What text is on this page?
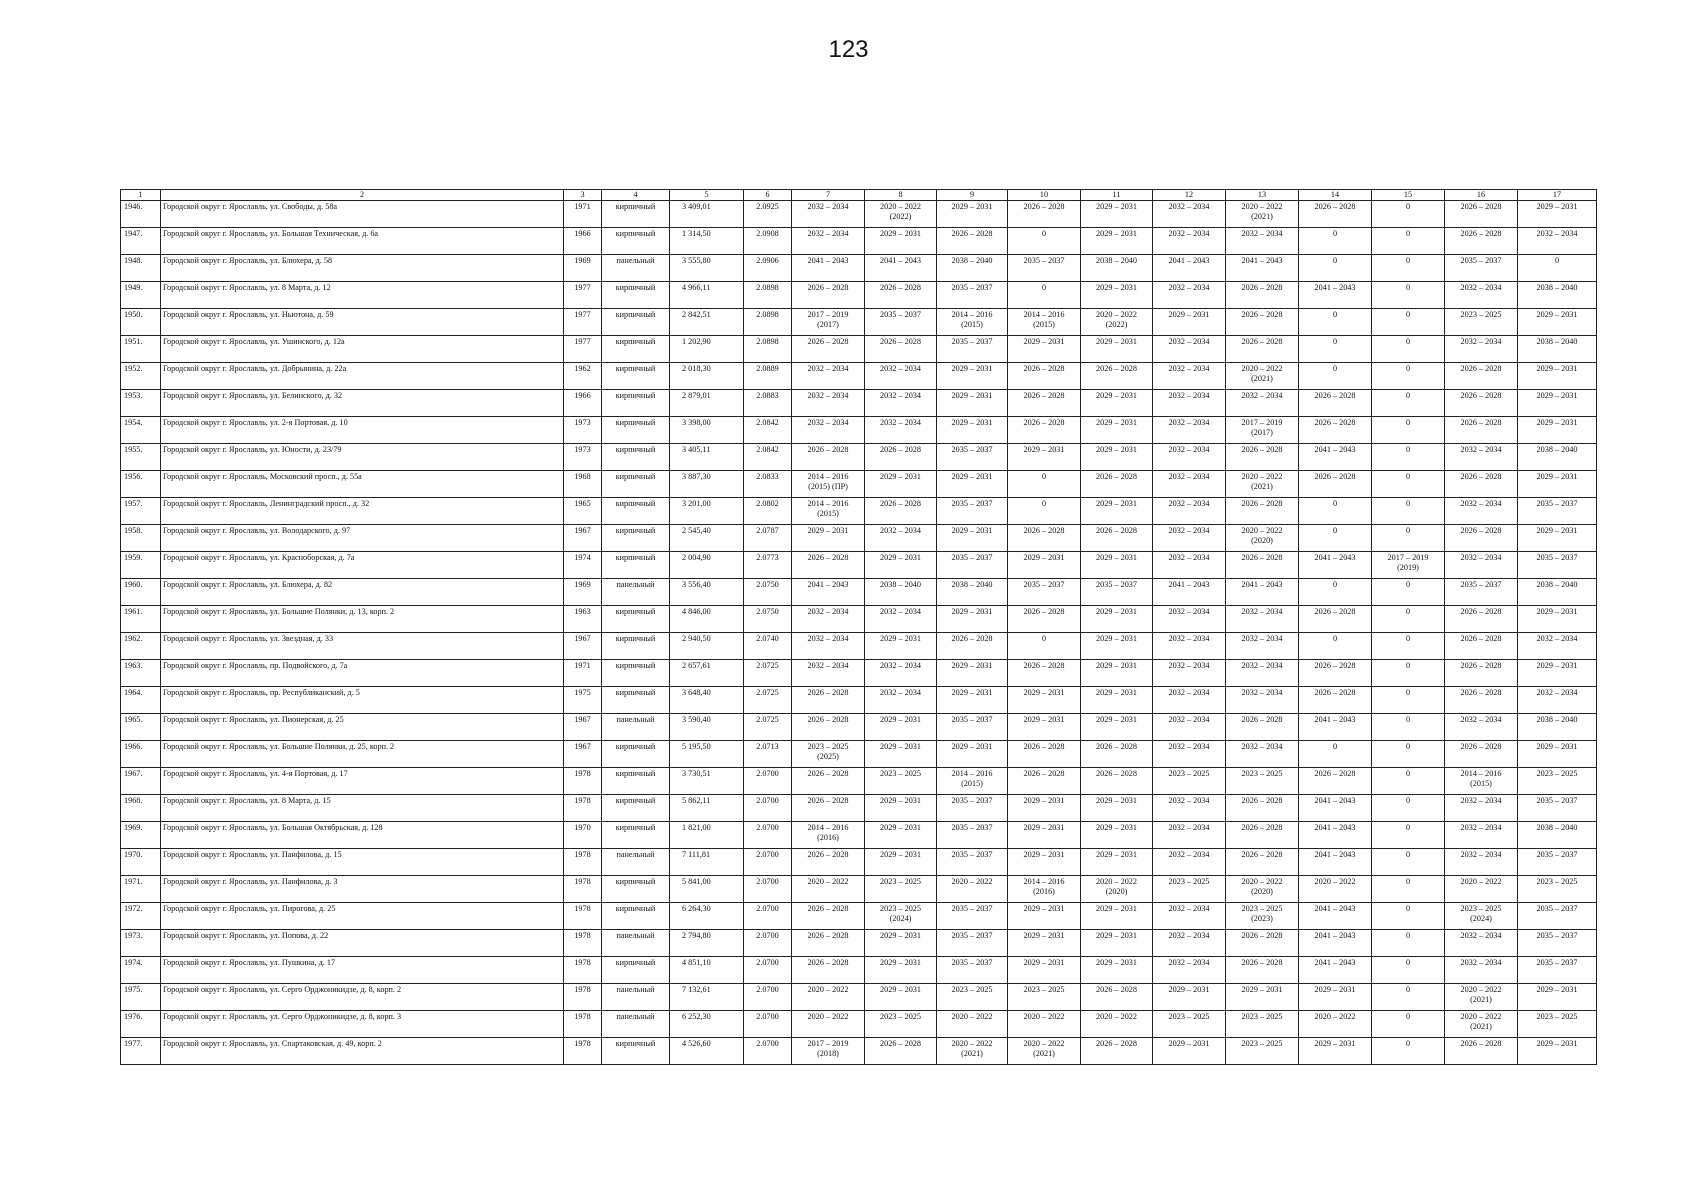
123
1	2	3	4	5	6	7	8	9	10	11	12	13	14	15	16	17

1946.	Городской округ г. Ярославль, ул. Свободы, д. 58а	1971	кирпичный	3 409,01	2.0925	2032 – 2034	2020 – 2022
(2022)	2029 – 2031	2026 – 2028	2029 – 2031	2032 – 2034	2020 – 2022
(2021)	2026 – 2028	0	2026 – 2028	2029 – 2031

1947.	Городской округ г. Ярославль, ул. Большая Техническая, д. 6а	1966	кирпичный	1 314,50	2.0908	2032 – 2034	2029 – 2031	2026 – 2028	0	2029 – 2031	2032 – 2034	2032 – 2034	0	0	2026 – 2028	2032 – 2034

1948.	Городской округ г. Ярославль, ул. Блюхера, д. 58	1969	панельный	3 555,80	2.0906	2041 – 2043	2041 – 2043	2038 – 2040	2035 – 2037	2038 – 2040	2041 – 2043	2041 – 2043	0	0	2035 – 2037	0

1949.	Городской округ г. Ярославль, ул. 8 Марта, д. 12	1977	кирпичный	4 966,11	2.0898	2026 – 2028	2026 – 2028	2035 – 2037	0	2029 – 2031	2032 – 2034	2026 – 2028	2041 – 2043	0	2032 – 2034	2038 – 2040

1950.	Городской округ г. Ярославль, ул. Ньютона, д. 59	1977	кирпичный	2 842,51	2.0898	2017 – 2019
(2017)	2035 – 2037	2014 – 2016
(2015)	2014 – 2016
(2015)	2020 – 2022
(2022)	2029 – 2031	2026 – 2028	0	0	2023 – 2025	2029 – 2031

1951.	Городской округ г. Ярославль, ул. Ушинского, д. 12а	1977	кирпичный	1 202,90	2.0898	2026 – 2028	2026 – 2028	2035 – 2037	2029 – 2031	2029 – 2031	2032 – 2034	2026 – 2028	0	0	2032 – 2034	2038 – 2040

1952.	Городской округ г. Ярославль, ул. Добрынина, д. 22а	1962	кирпичный	2 018,30	2.0889	2032 – 2034	2032 – 2034	2029 – 2031	2026 – 2028	2026 – 2028	2032 – 2034	2020 – 2022
(2021)	0	0	2026 – 2028	2029 – 2031

1953.	Городской округ г. Ярославль, ул. Белинского, д. 32	1966	кирпичный	2 879,01	2.0883	2032 – 2034	2032 – 2034	2029 – 2031	2026 – 2028	2029 – 2031	2032 – 2034	2032 – 2034	2026 – 2028	0	2026 – 2028	2029 – 2031

1954.	Городской округ г. Ярославль, ул. 2-я Портовая, д. 10	1973	кирпичный	3 398,00	2.0842	2032 – 2034	2032 – 2034	2029 – 2031	2026 – 2028	2029 – 2031	2032 – 2034	2017 – 2019
(2017)	2026 – 2028	0	2026 – 2028	2029 – 2031

1955.	Городской округ г. Ярославль, ул. Юности, д. 23/79	1973	кирпичный	3 405,11	2.0842	2026 – 2028	2026 – 2028	2035 – 2037	2029 – 2031	2029 – 2031	2032 – 2034	2026 – 2028	2041 – 2043	0	2032 – 2034	2038 – 2040

1956.	Городской округ г. Ярославль, Московский просп., д. 55а	1968	кирпичный	3 887,30	2.0833	2014 – 2016
(2015) (ПР)	2029 – 2031	2029 – 2031	0	2026 – 2028	2032 – 2034	2020 – 2022
(2021)	2026 – 2028	0	2026 – 2028	2029 – 2031

1957.	Городской округ г. Ярославль, Ленинградский просп., д. 32	1965	кирпичный	3 201,00	2.0802	2014 – 2016
(2015)	2026 – 2028	2035 – 2037	0	2029 – 2031	2032 – 2034	2026 – 2028	0	0	2032 – 2034	2035 – 2037

1958.	Городской округ г. Ярославль, ул. Володарского, д. 97	1967	кирпичный	2 545,40	2.0787	2029 – 2031	2032 – 2034	2029 – 2031	2026 – 2028	2026 – 2028	2032 – 2034	2020 – 2022
(2020)	0	0	2026 – 2028	2029 – 2031

1959.	Городской округ г. Ярославль, ул. Красноборская, д. 7а	1974	кирпичный	2 004,90	2.0773	2026 – 2028	2029 – 2031	2035 – 2037	2029 – 2031	2029 – 2031	2032 – 2034	2026 – 2028	2041 – 2043	2017 – 2019
(2019)	2032 – 2034	2035 – 2037

1960.	Городской округ г. Ярославль, ул. Блюхера, д. 82	1969	панельный	3 556,40	2.0750	2041 – 2043	2038 – 2040	2038 – 2040	2035 – 2037	2035 – 2037	2041 – 2043	2041 – 2043	0	0	2035 – 2037	2038 – 2040

1961.	Городской округ г. Ярославль, ул. Большие Полянки, д. 13, корп. 2	1963	кирпичный	4 846,00	2.0750	2032 – 2034	2032 – 2034	2029 – 2031	2026 – 2028	2029 – 2031	2032 – 2034	2032 – 2034	2026 – 2028	0	2026 – 2028	2029 – 2031

1962.	Городской округ г. Ярославль, ул. Звездная, д. 33	1967	кирпичный	2 940,50	2.0740	2032 – 2034	2029 – 2031	2026 – 2028	0	2029 – 2031	2032 – 2034	2032 – 2034	0	0	2026 – 2028	2032 – 2034

1963.	Городской округ г. Ярославль, пр. Подвойского, д. 7а	1971	кирпичный	2 657,61	2.0725	2032 – 2034	2032 – 2034	2029 – 2031	2026 – 2028	2029 – 2031	2032 – 2034	2032 – 2034	2026 – 2028	0	2026 – 2028	2029 – 2031

1964.	Городской округ г. Ярославль, пр. Республиканский, д. 5	1975	кирпичный	3 648,40	2.0725	2026 – 2028	2032 – 2034	2029 – 2031	2029 – 2031	2029 – 2031	2032 – 2034	2032 – 2034	2026 – 2028	0	2026 – 2028	2032 – 2034

1965.	Городской округ г. Ярославль, ул. Пионерская, д. 25	1967	панельный	3 590,40	2.0725	2026 – 2028	2029 – 2031	2035 – 2037	2029 – 2031	2029 – 2031	2032 – 2034	2026 – 2028	2041 – 2043	0	2032 – 2034	2038 – 2040

1966.	Городской округ г. Ярославль, ул. Большие Полянки, д. 25, корп. 2	1967	кирпичный	5 195,50	2.0713	2023 – 2025
(2025)	2029 – 2031	2029 – 2031	2026 – 2028	2026 – 2028	2032 – 2034	2032 – 2034	0	0	2026 – 2028	2029 – 2031

1967.	Городской округ г. Ярославль, ул. 4-я Портовая, д. 17	1978	кирпичный	3 730,51	2.0700	2026 – 2028	2023 – 2025	2014 – 2016
(2015)	2026 – 2028	2026 – 2028	2023 – 2025	2023 – 2025	2026 – 2028	0	2014 – 2016
(2015)	2023 – 2025

1968.	Городской округ г. Ярославль, ул. 8 Марта, д. 15	1978	кирпичный	5 862,11	2.0700	2026 – 2028	2029 – 2031	2035 – 2037	2029 – 2031	2029 – 2031	2032 – 2034	2026 – 2028	2041 – 2043	0	2032 – 2034	2035 – 2037

1969.	Городской округ г. Ярославль, ул. Большая Октябрьская, д. 128	1970	кирпичный	1 821,00	2.0700	2014 – 2016
(2016)	2029 – 2031	2035 – 2037	2029 – 2031	2029 – 2031	2032 – 2034	2026 – 2028	2041 – 2043	0	2032 – 2034	2038 – 2040

1970.	Городской округ г. Ярославль, ул. Панфилова, д. 15	1978	панельный	7 111,81	2.0700	2026 – 2028	2029 – 2031	2035 – 2037	2029 – 2031	2029 – 2031	2032 – 2034	2026 – 2028	2041 – 2043	0	2032 – 2034	2035 – 2037

1971.	Городской округ г. Ярославль, ул. Панфилова, д. 3	1978	кирпичный	5 841,00	2.0700	2020 – 2022	2023 – 2025	2020 – 2022	2014 – 2016
(2016)	2020 – 2022
(2020)	2023 – 2025	2020 – 2022
(2020)	2020 – 2022	0	2020 – 2022	2023 – 2025

1972.	Городской округ г. Ярославль, ул. Пирогова, д. 25	1978	кирпичный	6 264,30	2.0700	2026 – 2028	2023 – 2025
(2024)	2035 – 2037	2029 – 2031	2029 – 2031	2032 – 2034	2023 – 2025
(2023)	2041 – 2043	0	2023 – 2025
(2024)	2035 – 2037

1973.	Городской округ г. Ярославль, ул. Попова, д. 22	1978	панельный	2 794,80	2.0700	2026 – 2028	2029 – 2031	2035 – 2037	2029 – 2031	2029 – 2031	2032 – 2034	2026 – 2028	2041 – 2043	0	2032 – 2034	2035 – 2037

1974.	Городской округ г. Ярославль, ул. Пушкина, д. 17	1978	кирпичный	4 851,10	2.0700	2026 – 2028	2029 – 2031	2035 – 2037	2029 – 2031	2029 – 2031	2032 – 2034	2026 – 2028	2041 – 2043	0	2032 – 2034	2035 – 2037

1975.	Городской округ г. Ярославль, ул. Серго Орджоникидзе, д. 8, корп. 2	1978	панельный	7 132,61	2.0700	2020 – 2022	2029 – 2031	2023 – 2025	2023 – 2025	2026 – 2028	2029 – 2031	2029 – 2031	2029 – 2031	0	2020 – 2022
(2021)	2029 – 2031

1976.	Городской округ г. Ярославль, ул. Серго Орджоникидзе, д. 8, корп. 3	1978	панельный	6 252,30	2.0700	2020 – 2022	2023 – 2025	2020 – 2022	2020 – 2022	2020 – 2022	2023 – 2025	2023 – 2025	2020 – 2022	0	2020 – 2022
(2021)	2023 – 2025

1977.	Городской округ г. Ярославль, ул. Спартаковская, д. 49, корп. 2	1978	кирпичный	4 526,60	2.0700	2017 – 2019
(2018)	2026 – 2028	2020 – 2022
(2021)	2020 – 2022
(2021)	2026 – 2028	2029 – 2031	2023 – 2025	2029 – 2031	0	2026 – 2028	2029 – 2031
